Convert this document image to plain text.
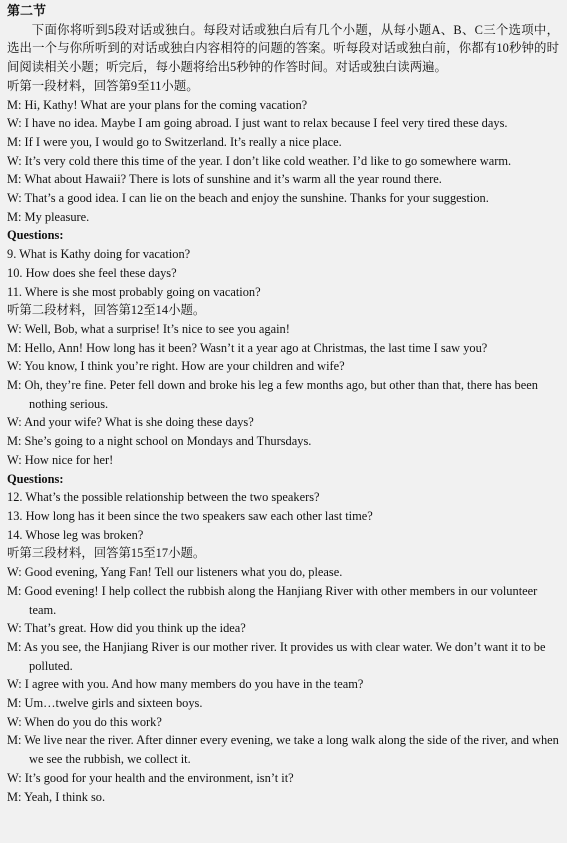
第二节
下面你将听到5段对话或独白。每段对话或独白后有几个小题，从每小题A、B、C三个选项中，选出一个与你所听到的对话或独白内容相符的问题的答案。听每段对话或独白前，你都有10秒钟的时间阅读相关小题；听完后，每小题将给出5秒钟的作答时间。对话或独白读两遍。
听第一段材料，回答第9至11小题。
M: Hi, Kathy! What are your plans for the coming vacation?
W: I have no idea. Maybe I am going abroad. I just want to relax because I feel very tired these days.
M: If I were you, I would go to Switzerland. It’s really a nice place.
W: It’s very cold there this time of the year. I don’t like cold weather. I’d like to go somewhere warm.
M: What about Hawaii? There is lots of sunshine and it’s warm all the year round there.
W: That’s a good idea. I can lie on the beach and enjoy the sunshine. Thanks for your suggestion.
M: My pleasure.
Questions:
9. What is Kathy doing for vacation?
10. How does she feel these days?
11. Where is she most probably going on vacation?
听第二段材料，回答第12至14小题。
W: Well, Bob, what a surprise! It’s nice to see you again!
M: Hello, Ann! How long has it been? Wasn’t it a year ago at Christmas, the last time I saw you?
W: You know, I think you’re right. How are your children and wife?
M: Oh, they’re fine. Peter fell down and broke his leg a few months ago, but other than that, there has been nothing serious.
W: And your wife? What is she doing these days?
M: She’s going to a night school on Mondays and Thursdays.
W: How nice for her!
Questions:
12. What’s the possible relationship between the two speakers?
13. How long has it been since the two speakers saw each other last time?
14. Whose leg was broken?
听第三段材料，回答第15至17小题。
W: Good evening, Yang Fan! Tell our listeners what you do, please.
M: Good evening! I help collect the rubbish along the Hanjiang River with other members in our volunteer team.
W: That’s great. How did you think up the idea?
M: As you see, the Hanjiang River is our mother river. It provides us with clear water. We don’t want it to be polluted.
W: I agree with you. And how many members do you have in the team?
M: Um…twelve girls and sixteen boys.
W: When do you do this work?
M: We live near the river. After dinner every evening, we take a long walk along the side of the river, and when we see the rubbish, we collect it.
W: It’s good for your health and the environment, isn’t it?
M: Yeah, I think so.
